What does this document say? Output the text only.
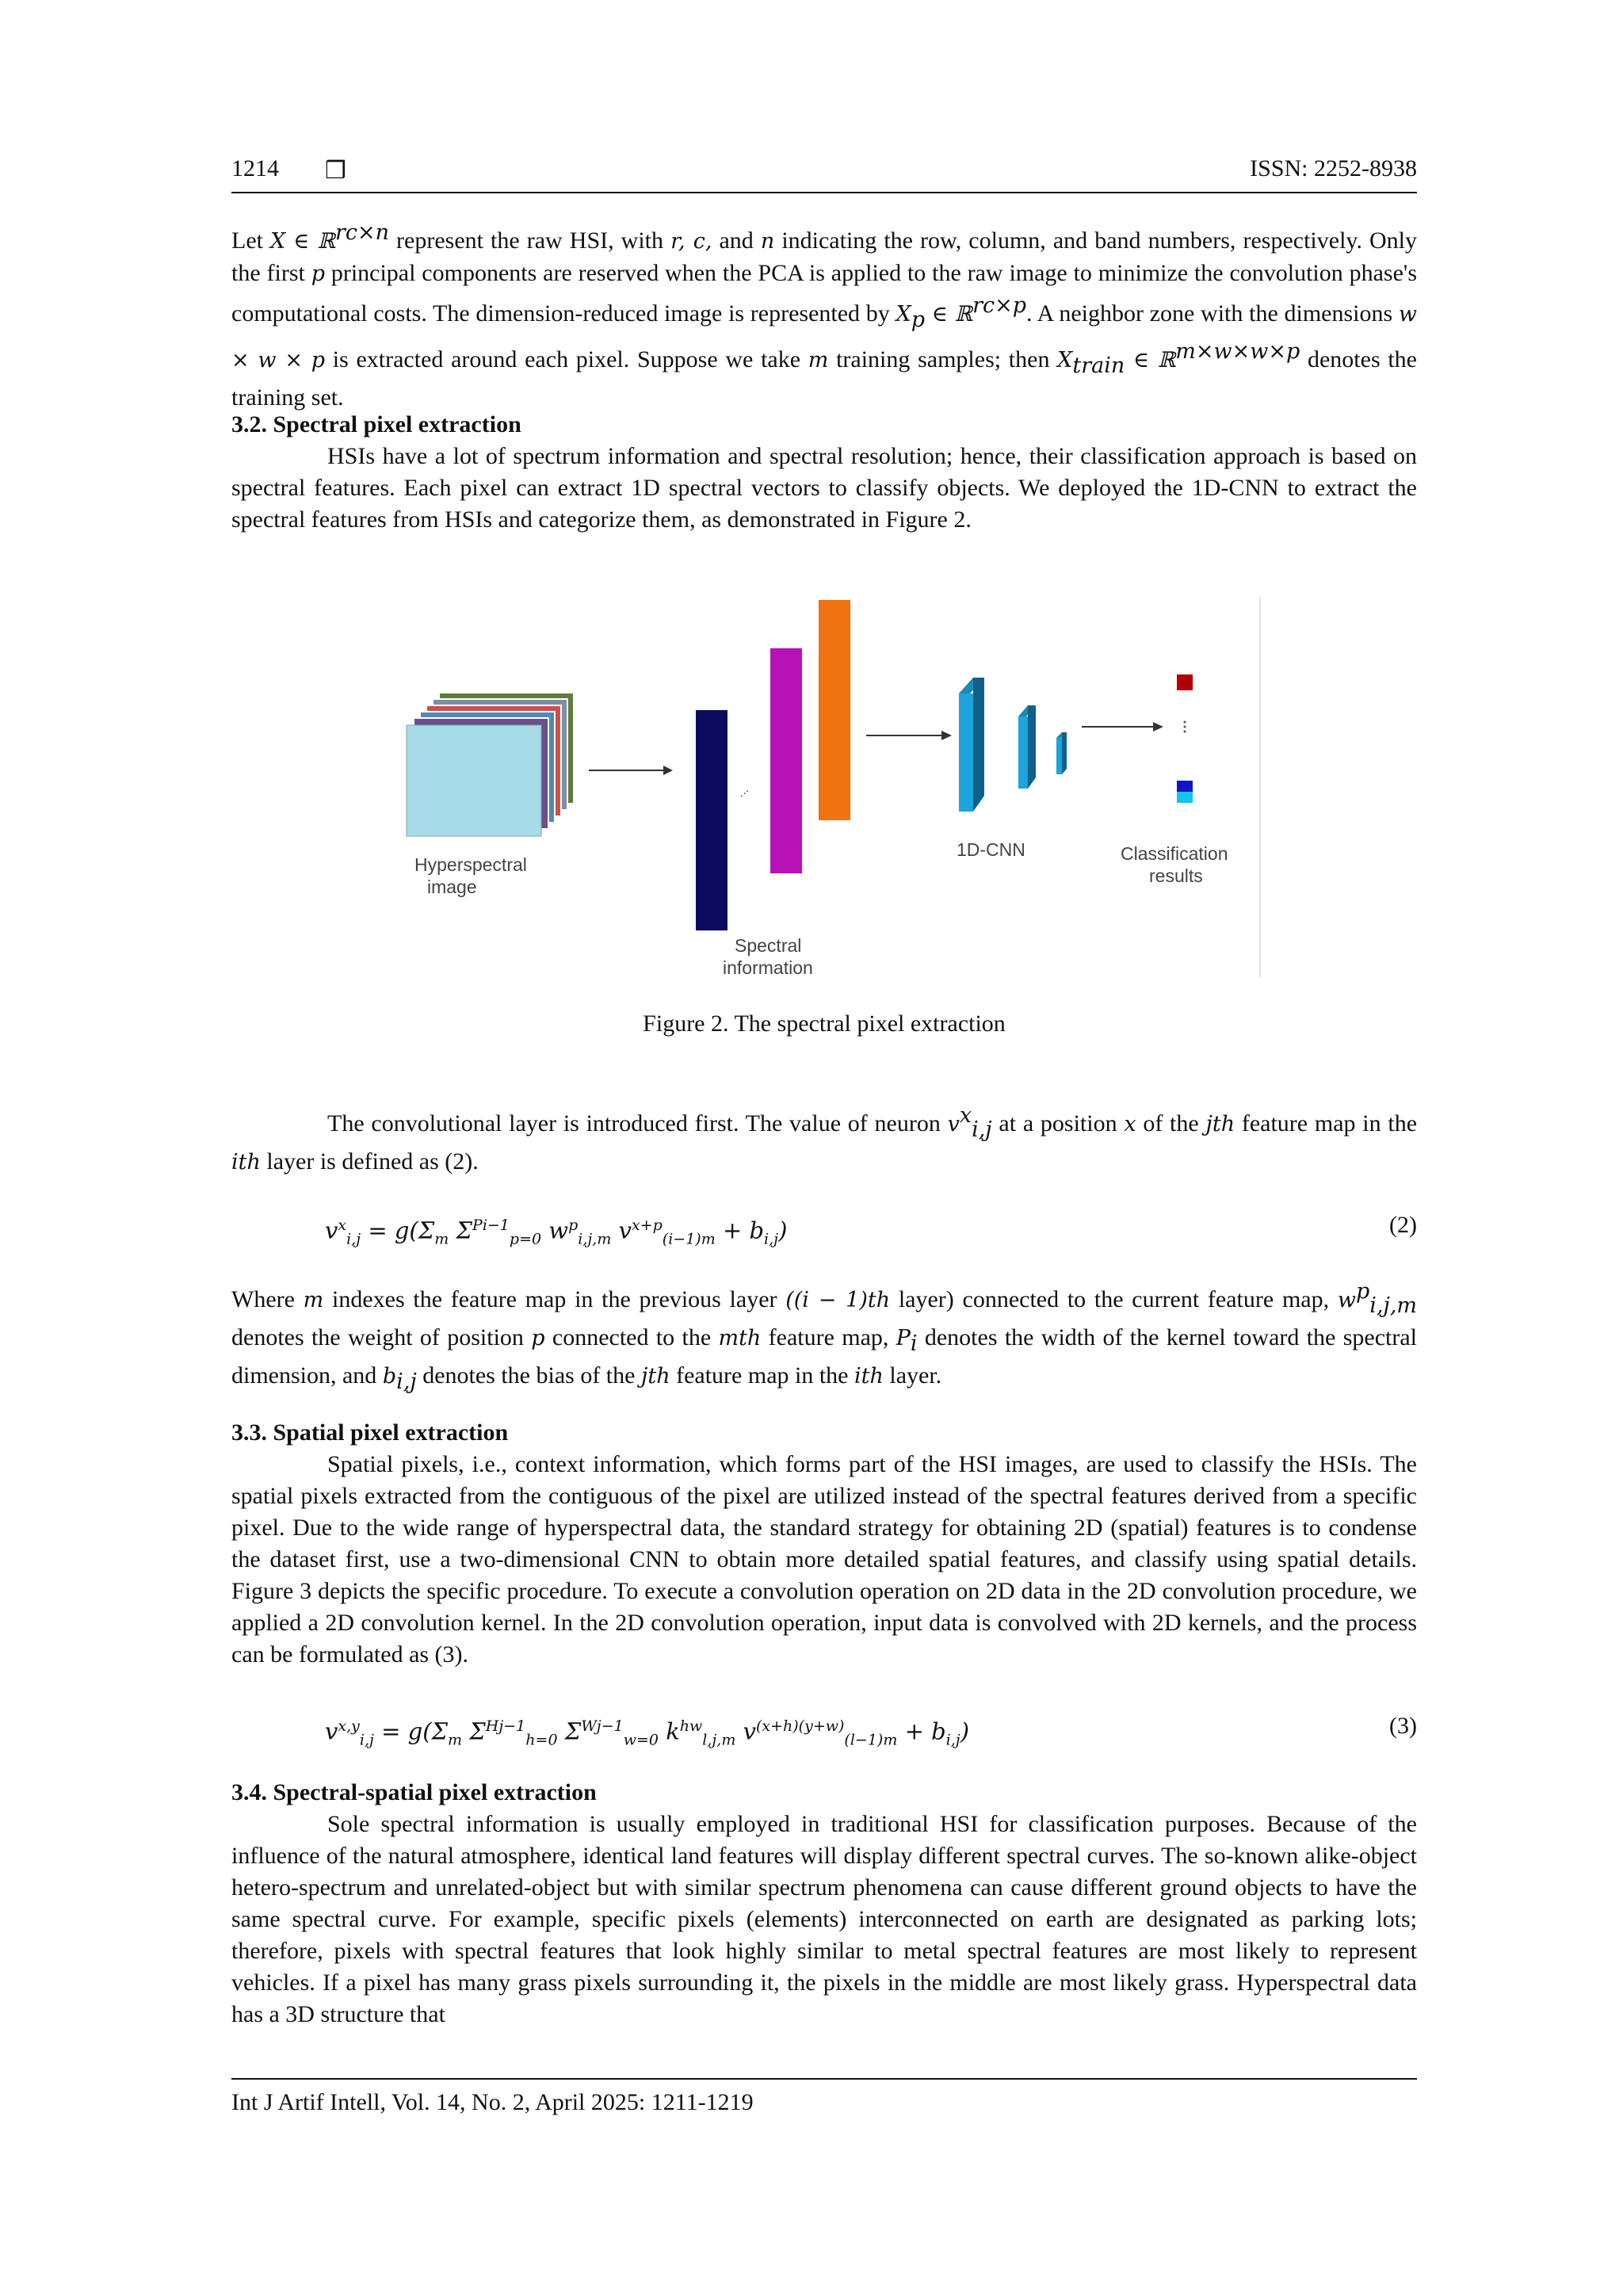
1214 ❒	ISSN: 2252-8938

Let X ∈ ℝ$^{rc\times n}$ represent the raw HSI, with r, c, and n indicating the row, column, and band numbers, respectively. Only the first p principal components are reserved when the PCA is applied to the raw image to minimize the convolution phase's computational costs. The dimension-reduced image is represented by $X_p$ ∈ ℝ$^{rc\times p}$. A neighbor zone with the dimensions w × w × p is extracted around each pixel. Suppose we take m training samples; then $X_{train}$ ∈ ℝ$^{m\times w\times w\times p}$ denotes the training set.

3.2. Spectral pixel extraction

HSIs have a lot of spectrum information and spectral resolution; hence, their classification approach is based on spectral features. Each pixel can extract 1D spectral vectors to classify objects. We deployed the 1D-CNN to extract the spectral features from HSIs and categorize them, as demonstrated in Figure 2.

Hyperspectral
image
⋯
Spectral
information
1D-CNN	Classification
results
Figure 2. The spectral pixel extraction

The convolutional layer is introduced first. The value of neuron $v^x_{i,j}$ at a position x of the jth feature map in the ith layer is defined as (2).

$v^x_{i,j} = g(\Sigma_m$ $\Sigma^{Pi-1}_{p=0}$ $w^p_{i,j,m}$ $v^{x+p}_{(i-1)m} + b_{i,j}$)	(2)

Where m indexes the feature map in the previous layer ((i − 1)th layer) connected to the current feature map, $w^p_{i,j,m}$ denotes the weight of position p connected to the mth feature map, $P_i$ denotes the width of the kernel toward the spectral dimension, and $b_{i,j}$ denotes the bias of the jth feature map in the ith layer.

3.3. Spatial pixel extraction

Spatial pixels, i.e., context information, which forms part of the HSI images, are used to classify the HSIs. The spatial pixels extracted from the contiguous of the pixel are utilized instead of the spectral features derived from a specific pixel. Due to the wide range of hyperspectral data, the standard strategy for obtaining 2D (spatial) features is to condense the dataset first, use a two-dimensional CNN to obtain more detailed spatial features, and classify using spatial details. Figure 3 depicts the specific procedure. To execute a convolution operation on 2D data in the 2D convolution procedure, we applied a 2D convolution kernel. In the 2D convolution operation, input data is convolved with 2D kernels, and the process can be formulated as (3).

$v^{x,y}_{i,j} = g(\Sigma_m$ $\Sigma^{Hj-1}_{h=0}$ $\Sigma^{Wj-1}_{w=0}$ $k^{hw}_{l,j,m}$ $v^{(x+h)(y+w)}_{(l-1)m} + b_{i,j}$)	(3)

3.4. Spectral-spatial pixel extraction

Sole spectral information is usually employed in traditional HSI for classification purposes. Because of the influence of the natural atmosphere, identical land features will display different spectral curves. The so-known alike-object hetero-spectrum and unrelated-object but with similar spectrum phenomena can cause different ground objects to have the same spectral curve. For example, specific pixels (elements) interconnected on earth are designated as parking lots; therefore, pixels with spectral features that look highly similar to metal spectral features are most likely to represent vehicles. If a pixel has many grass pixels surrounding it, the pixels in the middle are most likely grass. Hyperspectral data has a 3D structure that

Int J Artif Intell, Vol. 14, No. 2, April 2025: 1211-1219
